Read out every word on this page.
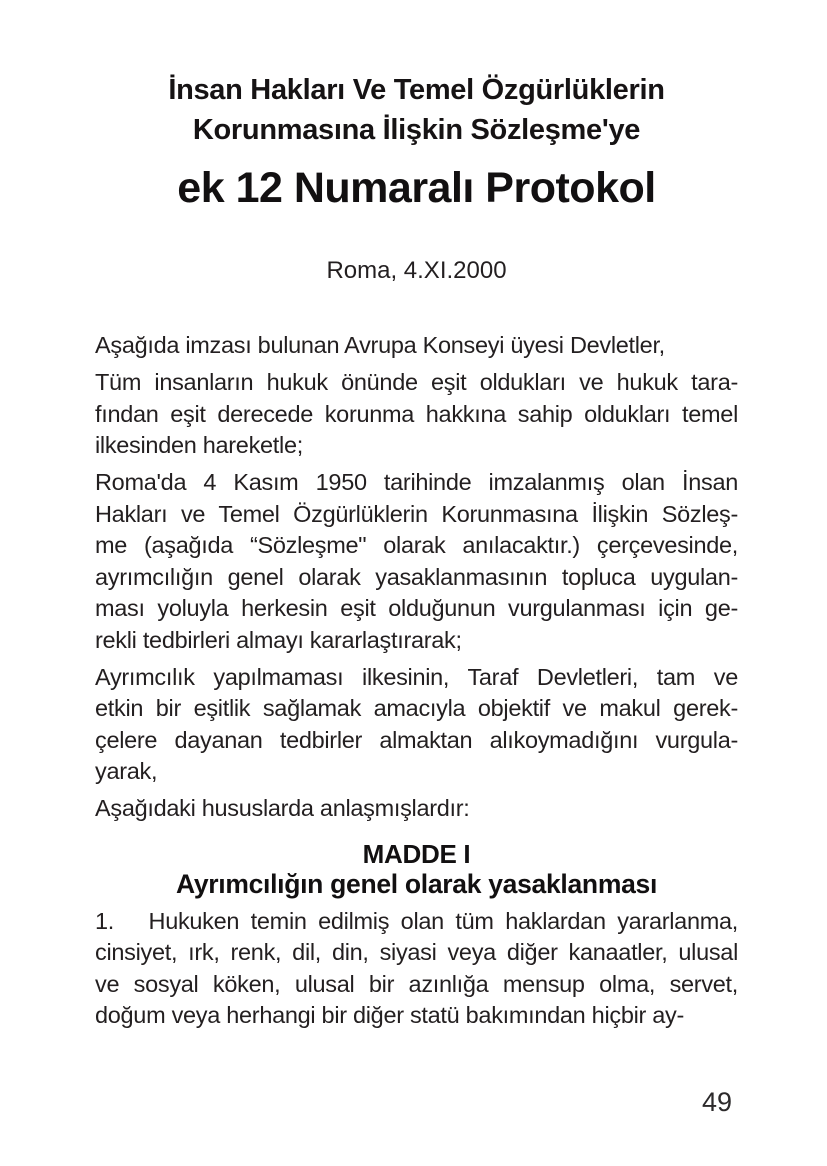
İnsan Hakları Ve Temel Özgürlüklerin
Korunmasına İlişkin Sözleşme'ye
ek 12 Numaralı Protokol
Roma, 4.XI.2000
Aşağıda imzası bulunan Avrupa Konseyi üyesi Devletler,
Tüm insanların hukuk önünde eşit oldukları ve hukuk tara-
fından eşit derecede korunma hakkına sahip oldukları temel
ilkesinden hareketle;
Roma'da 4 Kasım 1950 tarihinde imzalanmış olan İnsan
Hakları ve Temel Özgürlüklerin Korunmasına İlişkin Sözleş-
me (aşağıda “Sözleşme" olarak anılacaktır.) çerçevesinde,
ayrımcılığın genel olarak yasaklanmasının topluca uygulan-
ması yoluyla herkesin eşit olduğunun vurgulanması için ge-
rekli tedbirleri almayı kararlaştırarak;
Ayrımcılık yapılmaması ilkesinin, Taraf Devletleri, tam ve
etkin bir eşitlik sağlamak amacıyla objektif ve makul gerek-
çelere dayanan tedbirler almaktan alıkoymadığını vurgula-
yarak,
Aşağıdaki hususlarda anlaşmışlardır:
MADDE I
Ayrımcılığın genel olarak yasaklanması
1.   Hukuken temin edilmiş olan tüm haklardan yararlanma,
cinsiyet, ırk, renk, dil, din, siyasi veya diğer kanaatler, ulusal
ve sosyal köken, ulusal bir azınlığa mensup olma, servet,
doğum veya herhangi bir diğer statü bakımından hiçbir ay-
49
